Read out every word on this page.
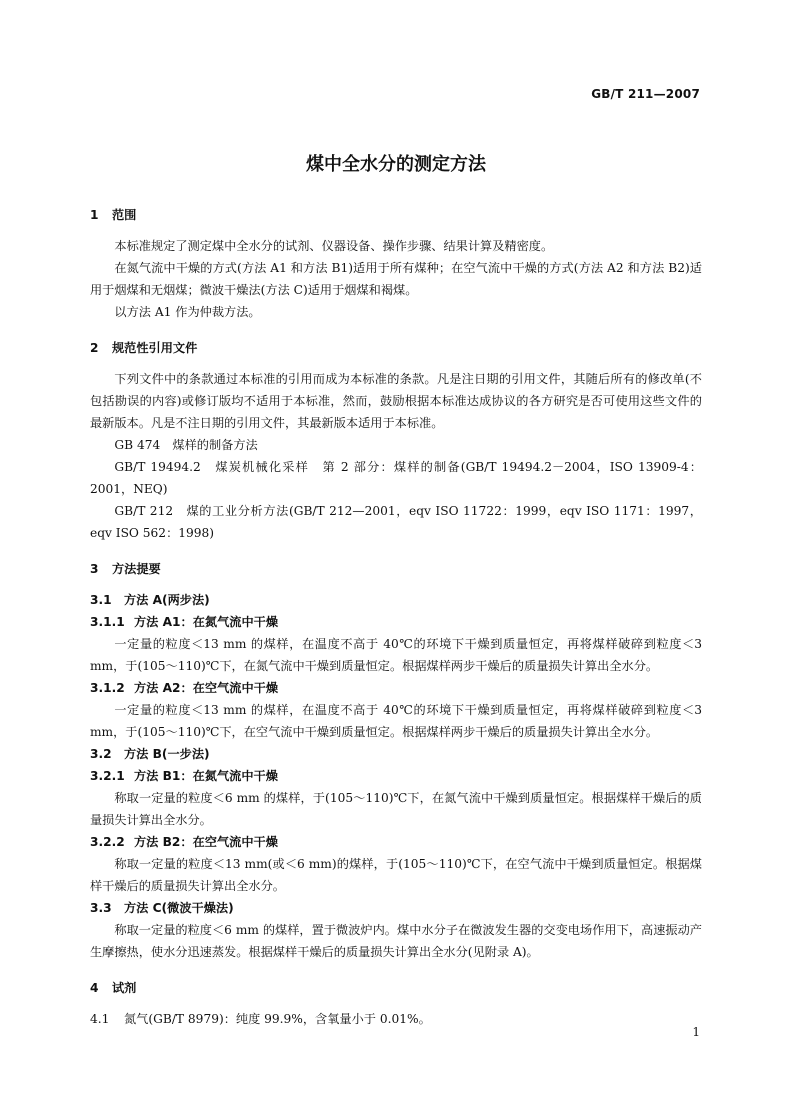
GB/T 211—2007
煤中全水分的测定方法
1 范围

本标准规定了测定煤中全水分的试剂、仪器设备、操作步骤、结果计算及精密度。

在氮气流中干燥的方式(方法 A1 和方法 B1)适用于所有煤种；在空气流中干燥的方式(方法 A2 和方法 B2)适用于烟煤和无烟煤；微波干燥法(方法 C)适用于烟煤和褐煤。

以方法 A1 作为仲裁方法。

2 规范性引用文件

下列文件中的条款通过本标准的引用而成为本标准的条款。凡是注日期的引用文件，其随后所有的修改单(不包括勘误的内容)或修订版均不适用于本标准，然而，鼓励根据本标准达成协议的各方研究是否可使用这些文件的最新版本。凡是不注日期的引用文件，其最新版本适用于本标准。

GB 474　煤样的制备方法

GB/T 19494.2　煤炭机械化采样　第 2 部分：煤样的制备(GB/T 19494.2－2004，ISO 13909-4：2001，NEQ)

GB/T 212　煤的工业分析方法(GB/T 212—2001，eqv ISO 11722：1999，eqv ISO 1171：1997，eqv ISO 562：1998)

3 方法提要
3.1 方法 A(两步法)
3.1.1 方法 A1：在氮气流中干燥

一定量的粒度＜13 mm 的煤样，在温度不高于 40℃的环境下干燥到质量恒定，再将煤样破碎到粒度＜3 mm，于(105～110)℃下，在氮气流中干燥到质量恒定。根据煤样两步干燥后的质量损失计算出全水分。

3.1.2 方法 A2：在空气流中干燥

一定量的粒度＜13 mm 的煤样，在温度不高于 40℃的环境下干燥到质量恒定，再将煤样破碎到粒度＜3 mm，于(105～110)℃下，在空气流中干燥到质量恒定。根据煤样两步干燥后的质量损失计算出全水分。

3.2 方法 B(一步法)
3.2.1 方法 B1：在氮气流中干燥

称取一定量的粒度＜6 mm 的煤样，于(105～110)℃下，在氮气流中干燥到质量恒定。根据煤样干燥后的质量损失计算出全水分。

3.2.2 方法 B2：在空气流中干燥

称取一定量的粒度＜13 mm(或＜6 mm)的煤样，于(105～110)℃下，在空气流中干燥到质量恒定。根据煤样干燥后的质量损失计算出全水分。

3.3 方法 C(微波干燥法)

称取一定量的粒度＜6 mm 的煤样，置于微波炉内。煤中水分子在微波发生器的交变电场作用下，高速振动产生摩擦热，使水分迅速蒸发。根据煤样干燥后的质量损失计算出全水分(见附录 A)。

4 试剂
4.1 氮气(GB/T 8979)：纯度 99.9%，含氧量小于 0.01%。
1
